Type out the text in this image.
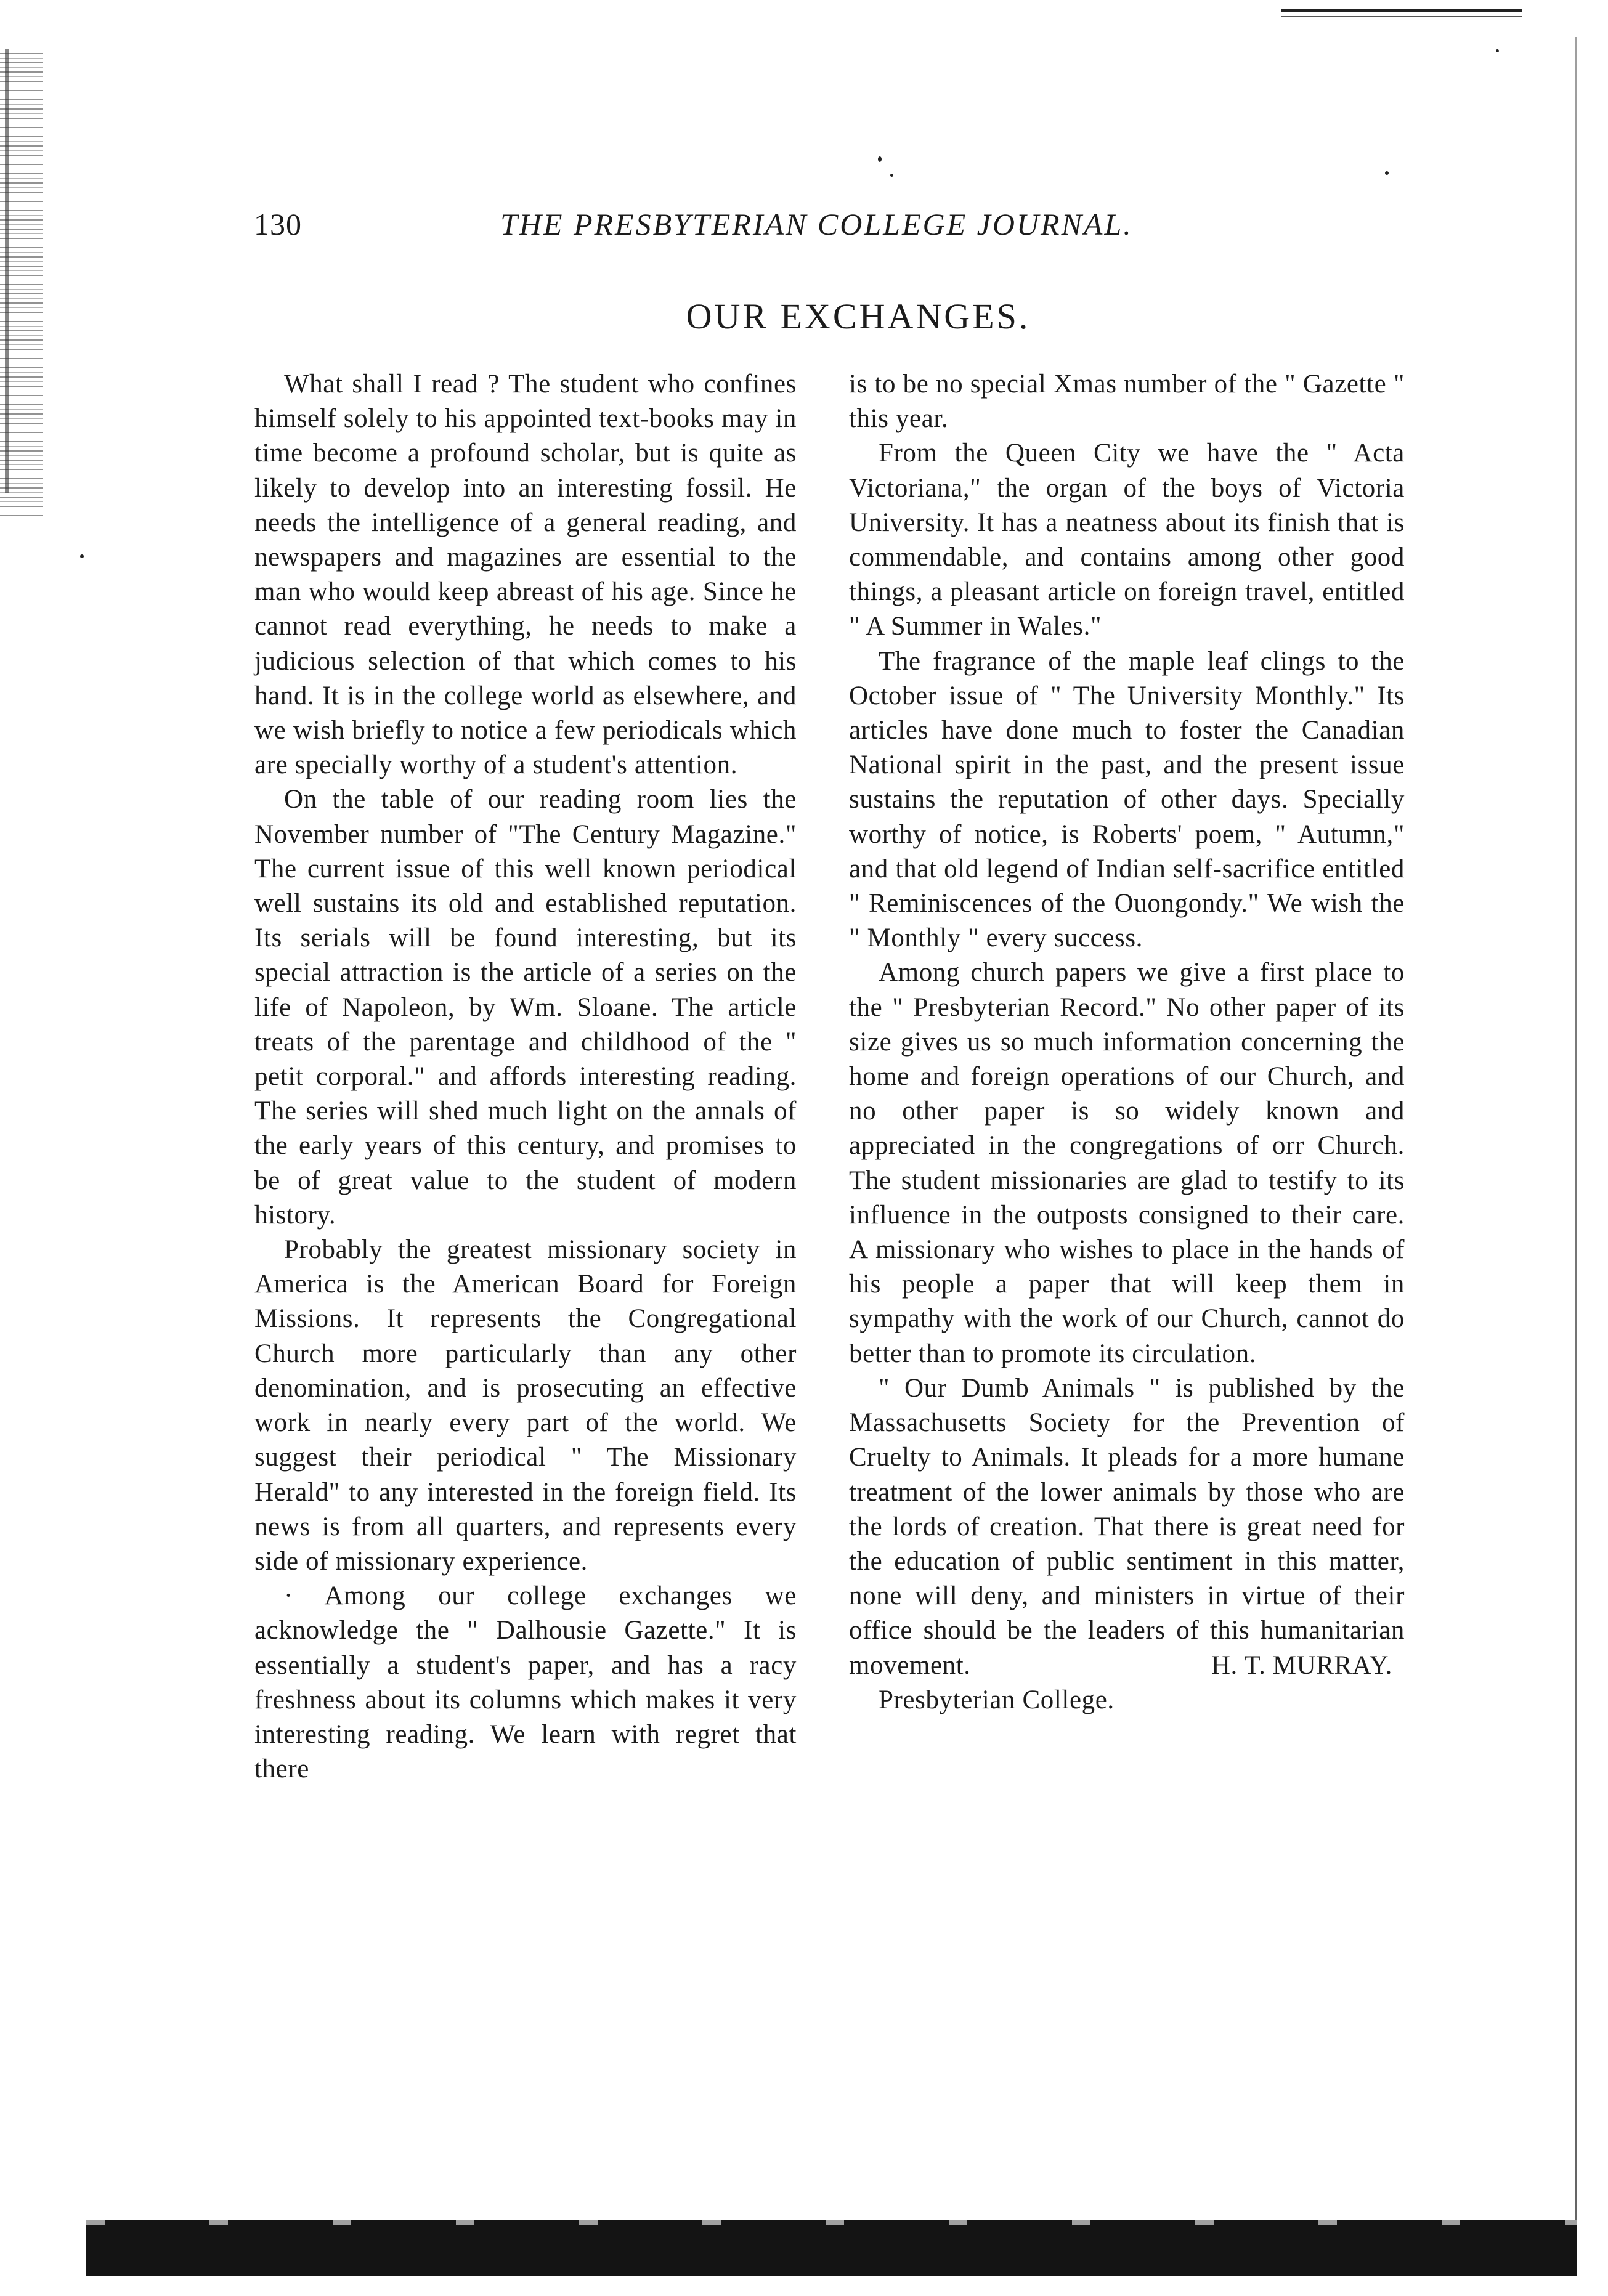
130	THE PRESBYTERIAN COLLEGE JOURNAL.
OUR EXCHANGES.

What shall I read ? The student who confines himself solely to his appointed text-books may in time become a profound scholar, but is quite as likely to develop into an interesting fossil. He needs the intelligence of a general reading, and newspapers and magazines are essential to the man who would keep abreast of his age. Since he cannot read everything, he needs to make a judicious selection of that which comes to his hand. It is in the college world as elsewhere, and we wish briefly to notice a few periodicals which are specially worthy of a student's attention.

On the table of our reading room lies the November number of "The Century Magazine." The current issue of this well known periodical well sustains its old and established reputation. Its serials will be found interesting, but its special attraction is the article of a series on the life of Napoleon, by Wm. Sloane. The article treats of the parentage and childhood of the " petit corporal." and affords interesting reading. The series will shed much light on the annals of the early years of this century, and promises to be of great value to the student of modern history.

Probably the greatest missionary society in America is the American Board for Foreign Missions. It represents the Congregational Church more particularly than any other denomination, and is prosecuting an effective work in nearly every part of the world. We suggest their periodical " The Missionary Herald" to any interested in the foreign field. Its news is from all quarters, and represents every side of missionary experience.

· Among our college exchanges we acknowledge the " Dalhousie Gazette." It is essentially a student's paper, and has a racy freshness about its columns which makes it very interesting reading. We learn with regret that there

is to be no special Xmas number of the " Gazette " this year.

From the Queen City we have the " Acta Victoriana," the organ of the boys of Victoria University. It has a neatness about its finish that is commendable, and contains among other good things, a pleasant article on foreign travel, entitled " A Summer in Wales."

The fragrance of the maple leaf clings to the October issue of " The University Monthly." Its articles have done much to foster the Canadian National spirit in the past, and the present issue sustains the reputation of other days. Specially worthy of notice, is Roberts' poem, " Autumn," and that old legend of Indian self-sacrifice entitled " Reminiscences of the Ouongondy." We wish the " Monthly " every success.

Among church papers we give a first place to the " Presbyterian Record." No other paper of its size gives us so much information concerning the home and foreign operations of our Church, and no other paper is so widely known and appreciated in the congregations of orr Church. The student missionaries are glad to testify to its influence in the outposts consigned to their care. A missionary who wishes to place in the hands of his people a paper that will keep them in sympathy with the work of our Church, cannot do better than to promote its circulation.

" Our Dumb Animals " is published by the Massachusetts Society for the Prevention of Cruelty to Animals. It pleads for a more humane treatment of the lower animals by those who are the lords of creation. That there is great need for the education of public sentiment in this matter, none will deny, and ministers in virtue of their office should be the leaders of this humanitarian movement.	H. T. MURRAY.

Presbyterian College.
